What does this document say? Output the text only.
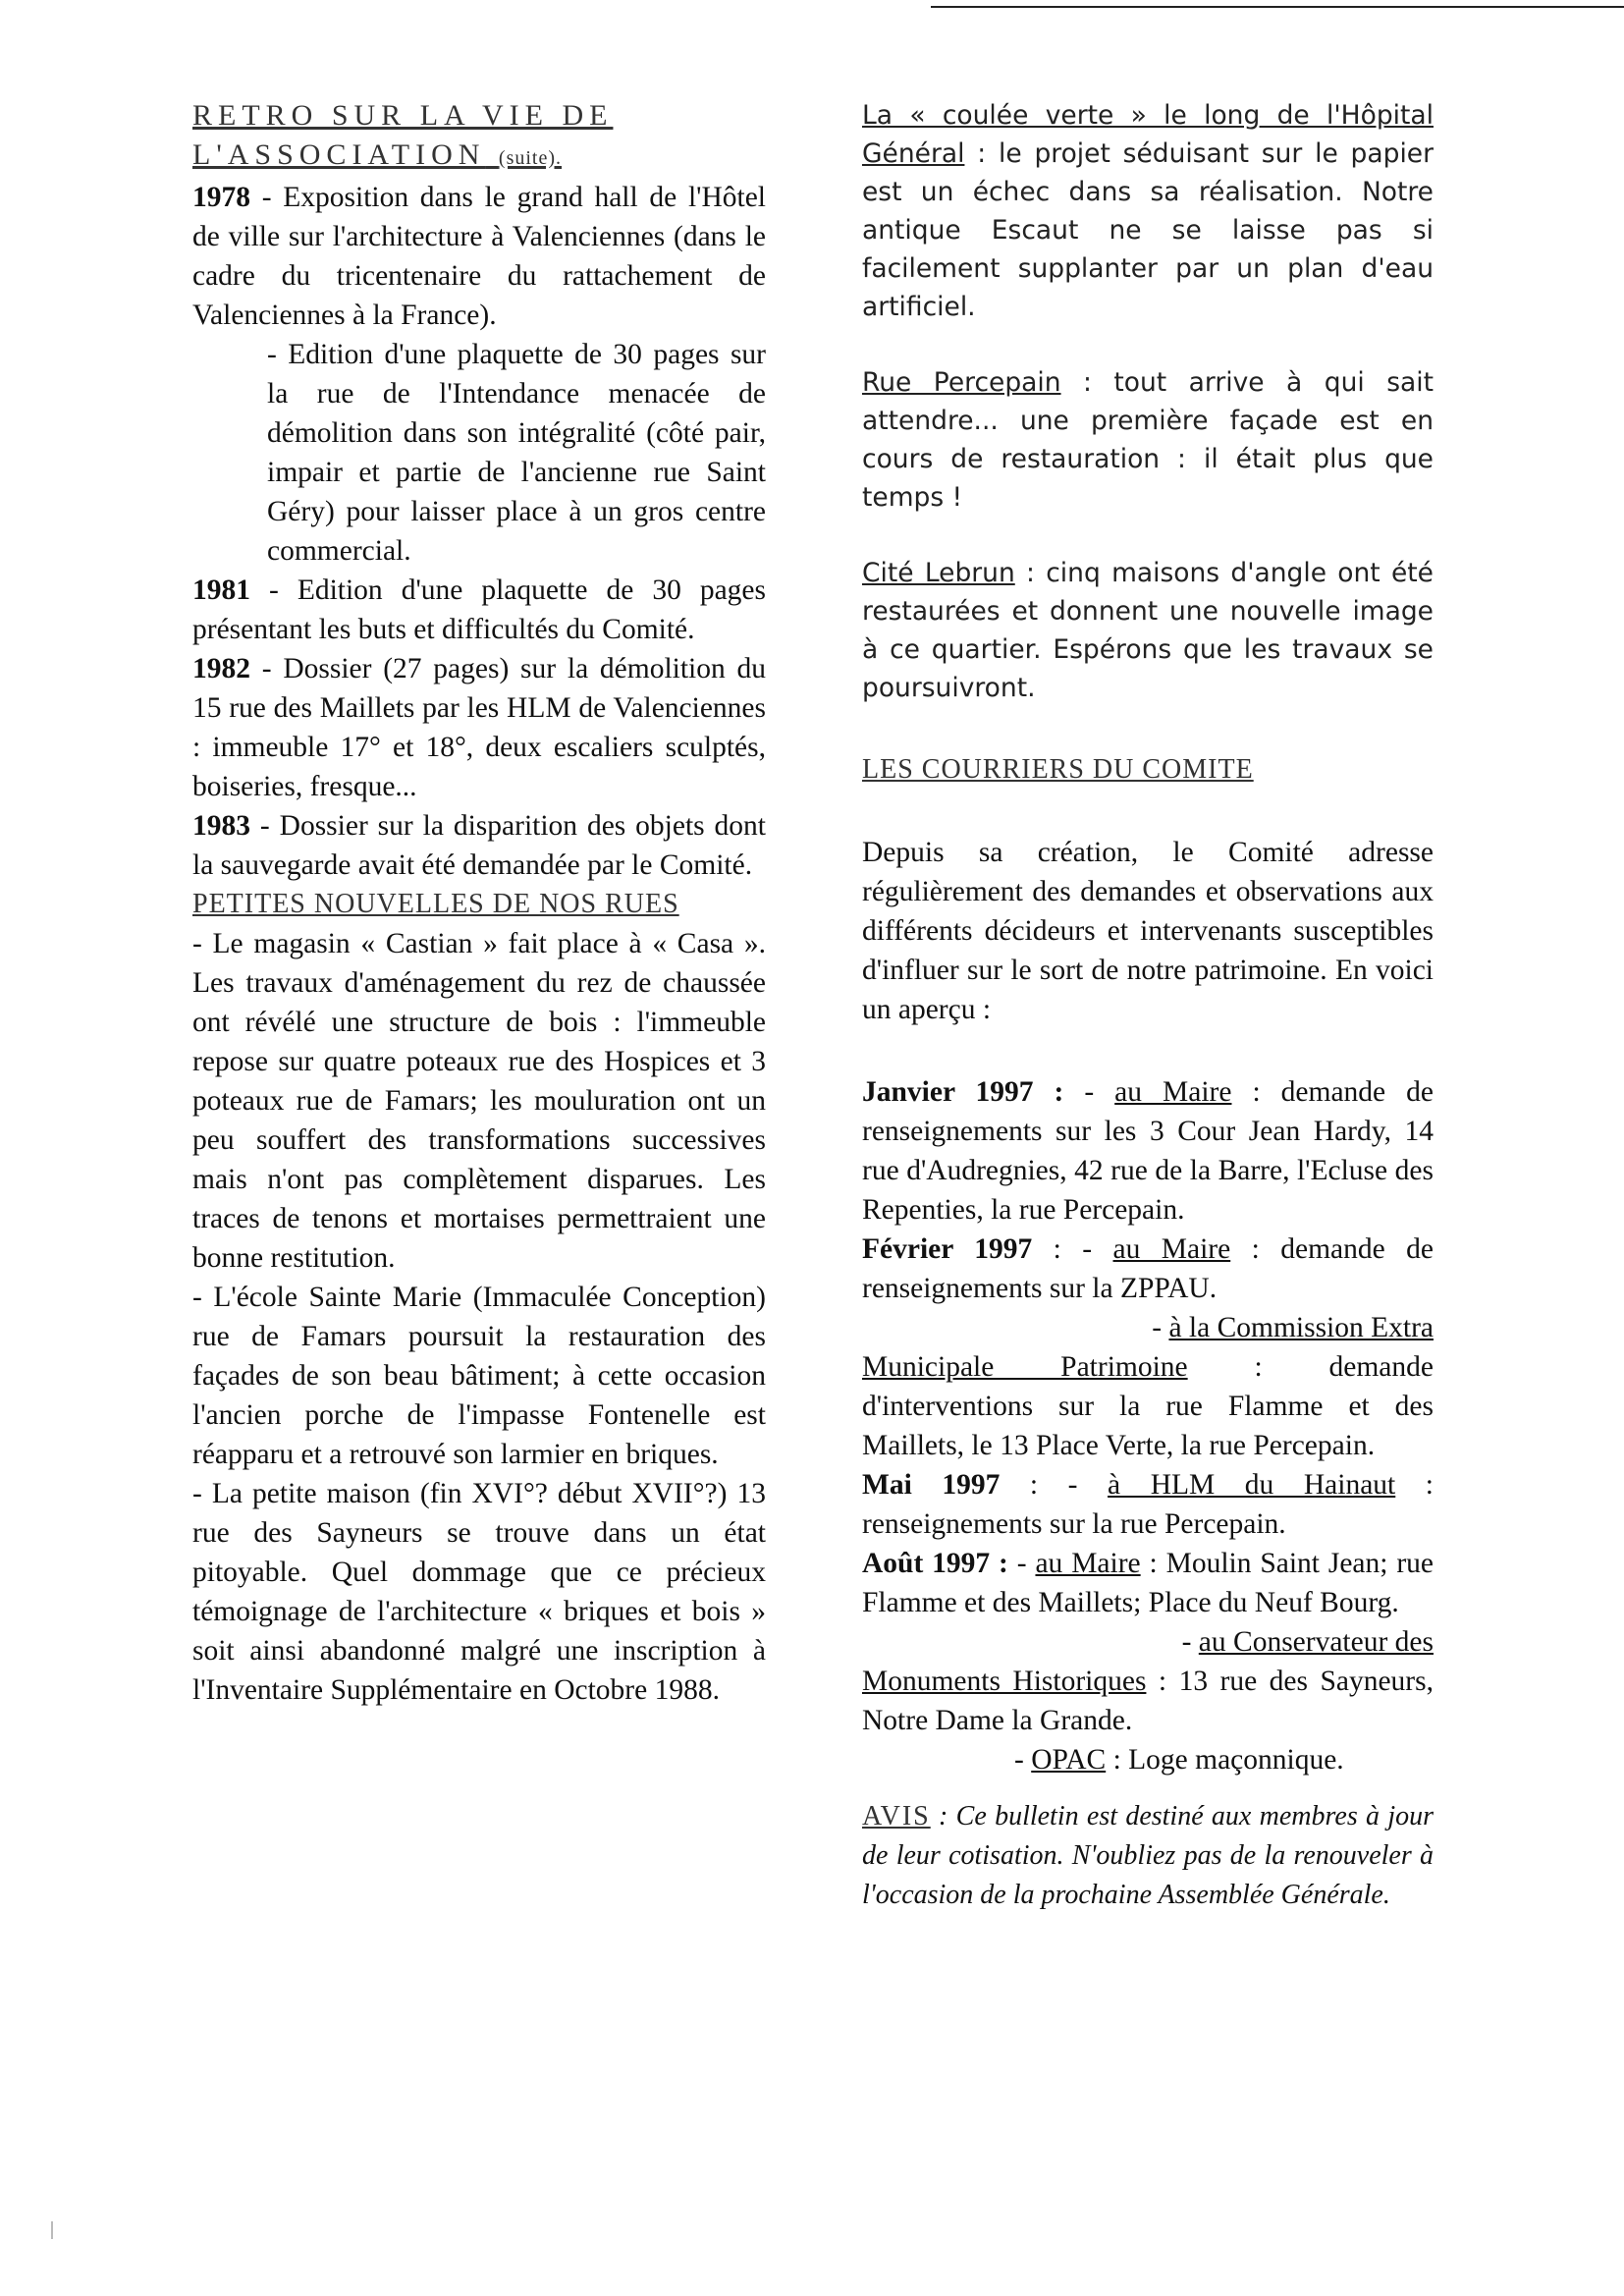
RETRO SUR LA VIE DE L'ASSOCIATION (suite).

1978 - Exposition dans le grand hall de l'Hôtel de ville sur l'architecture à Valenciennes (dans le cadre du tricentenaire du rattachement de Valenciennes à la France).

- Edition d'une plaquette de 30 pages sur la rue de l'Intendance menacée de démolition dans son intégralité (côté pair, impair et partie de l'ancienne rue Saint Géry) pour laisser place à un gros centre commercial.

1981 - Edition d'une plaquette de 30 pages présentant les buts et difficultés du Comité.

1982 - Dossier (27 pages) sur la démolition du 15 rue des Maillets par les HLM de Valenciennes : immeuble 17° et 18°, deux escaliers sculptés, boiseries, fresque...

1983 - Dossier sur la disparition des objets dont la sauvegarde avait été demandée par le Comité.

PETITES NOUVELLES DE NOS RUES

- Le magasin « Castian » fait place à « Casa ». Les travaux d'aménagement du rez de chaussée ont révélé une structure de bois : l'immeuble repose sur quatre poteaux rue des Hospices et 3 poteaux rue de Famars; les mouluration ont un peu souffert des transformations successives mais n'ont pas complètement disparues. Les traces de tenons et mortaises permettraient une bonne restitution.

- L'école Sainte Marie (Immaculée Conception) rue de Famars poursuit la restauration des façades de son beau bâtiment; à cette occasion l'ancien porche de l'impasse Fontenelle est réapparu et a retrouvé son larmier en briques.

- La petite maison (fin XVI°? début XVII°?) 13 rue des Sayneurs se trouve dans un état pitoyable. Quel dommage que ce précieux témoignage de l'architecture « briques et bois » soit ainsi abandonné malgré une inscription à l'Inventaire Supplémentaire en Octobre 1988.

La « coulée verte » le long de l'Hôpital Général : le projet séduisant sur le papier est un échec dans sa réalisation. Notre antique Escaut ne se laisse pas si facilement supplanter par un plan d'eau artificiel.

Rue Percepain : tout arrive à qui sait attendre... une première façade est en cours de restauration : il était plus que temps !

Cité Lebrun : cinq maisons d'angle ont été restaurées et donnent une nouvelle image à ce quartier. Espérons que les travaux se poursuivront.

LES COURRIERS DU COMITE

Depuis sa création, le Comité adresse régulièrement des demandes et observations aux différents décideurs et intervenants susceptibles d'influer sur le sort de notre patrimoine. En voici un aperçu :

Janvier 1997 : - au Maire : demande de renseignements sur les 3 Cour Jean Hardy, 14 rue d'Audregnies, 42 rue de la Barre, l'Ecluse des Repenties, la rue Percepain.

Février 1997 : - au Maire : demande de renseignements sur la ZPPAU.

- à la Commission Extra

Municipale Patrimoine : demande d'interventions sur la rue Flamme et des Maillets, le 13 Place Verte, la rue Percepain.

Mai 1997 : - à HLM du Hainaut : renseignements sur la rue Percepain.

Août 1997 : - au Maire : Moulin Saint Jean; rue Flamme et des Maillets; Place du Neuf Bourg.

- au Conservateur des

Monuments Historiques : 13 rue des Sayneurs, Notre Dame la Grande.

- OPAC : Loge maçonnique.

AVIS : Ce bulletin est destiné aux membres à jour de leur cotisation. N'oubliez pas de la renouveler à l'occasion de la prochaine Assemblée Générale.
